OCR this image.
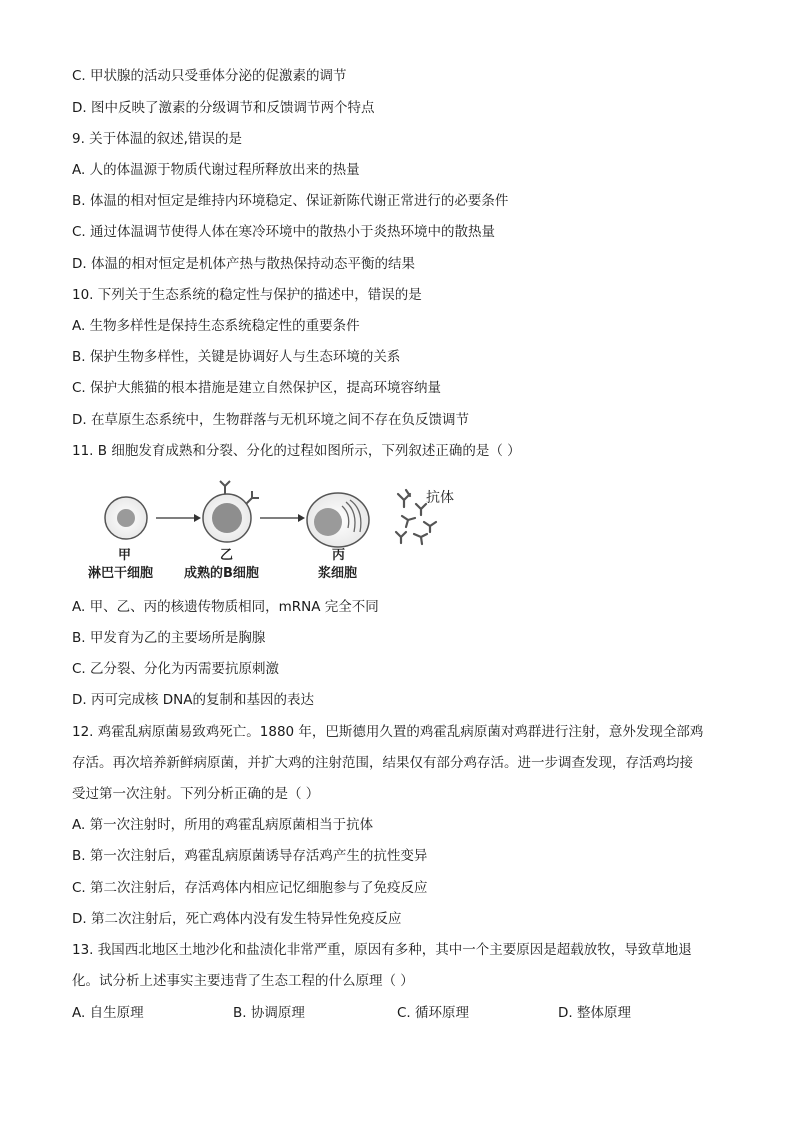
C. 甲状腺的活动只受垂体分泌的促激素的调节
D. 图中反映了激素的分级调节和反馈调节两个特点
9. 关于体温的叙述,错误的是
A. 人的体温源于物质代谢过程所释放出来的热量
B. 体温的相对恒定是维持内环境稳定、保证新陈代谢正常进行的必要条件
C. 通过体温调节使得人体在寒冷环境中的散热小于炎热环境中的散热量
D. 体温的相对恒定是机体产热与散热保持动态平衡的结果
10. 下列关于生态系统的稳定性与保护的描述中，错误的是
A. 生物多样性是保持生态系统稳定性的重要条件
B. 保护生物多样性，关键是协调好人与生态环境的关系
C. 保护大熊猫的根本措施是建立自然保护区，提高环境容纳量
D. 在草原生态系统中，生物群落与无机环境之间不存在负反馈调节
11. B 细胞发育成熟和分裂、分化的过程如图所示，下列叙述正确的是（ ）
抗体
甲
淋巴干细胞
乙
成熟的B细胞
丙
浆细胞
A. 甲、乙、丙的核遗传物质相同，mRNA 完全不同
B. 甲发育为乙的主要场所是胸腺
C. 乙分裂、分化为丙需要抗原刺激
D. 丙可完成核 DNA的复制和基因的表达
12. 鸡霍乱病原菌易致鸡死亡。1880 年，巴斯德用久置的鸡霍乱病原菌对鸡群进行注射，意外发现全部鸡
存活。再次培养新鲜病原菌，并扩大鸡的注射范围，结果仅有部分鸡存活。进一步调查发现，存活鸡均接
受过第一次注射。下列分析正确的是（ ）
A. 第一次注射时，所用的鸡霍乱病原菌相当于抗体
B. 第一次注射后，鸡霍乱病原菌诱导存活鸡产生的抗性变异
C. 第二次注射后，存活鸡体内相应记忆细胞参与了免疫反应
D. 第二次注射后，死亡鸡体内没有发生特异性免疫反应
13. 我国西北地区土地沙化和盐渍化非常严重，原因有多种，其中一个主要原因是超载放牧，导致草地退
化。试分析上述事实主要违背了生态工程的什么原理（ ）
A. 自生原理	B. 协调原理	C. 循环原理	D. 整体原理
